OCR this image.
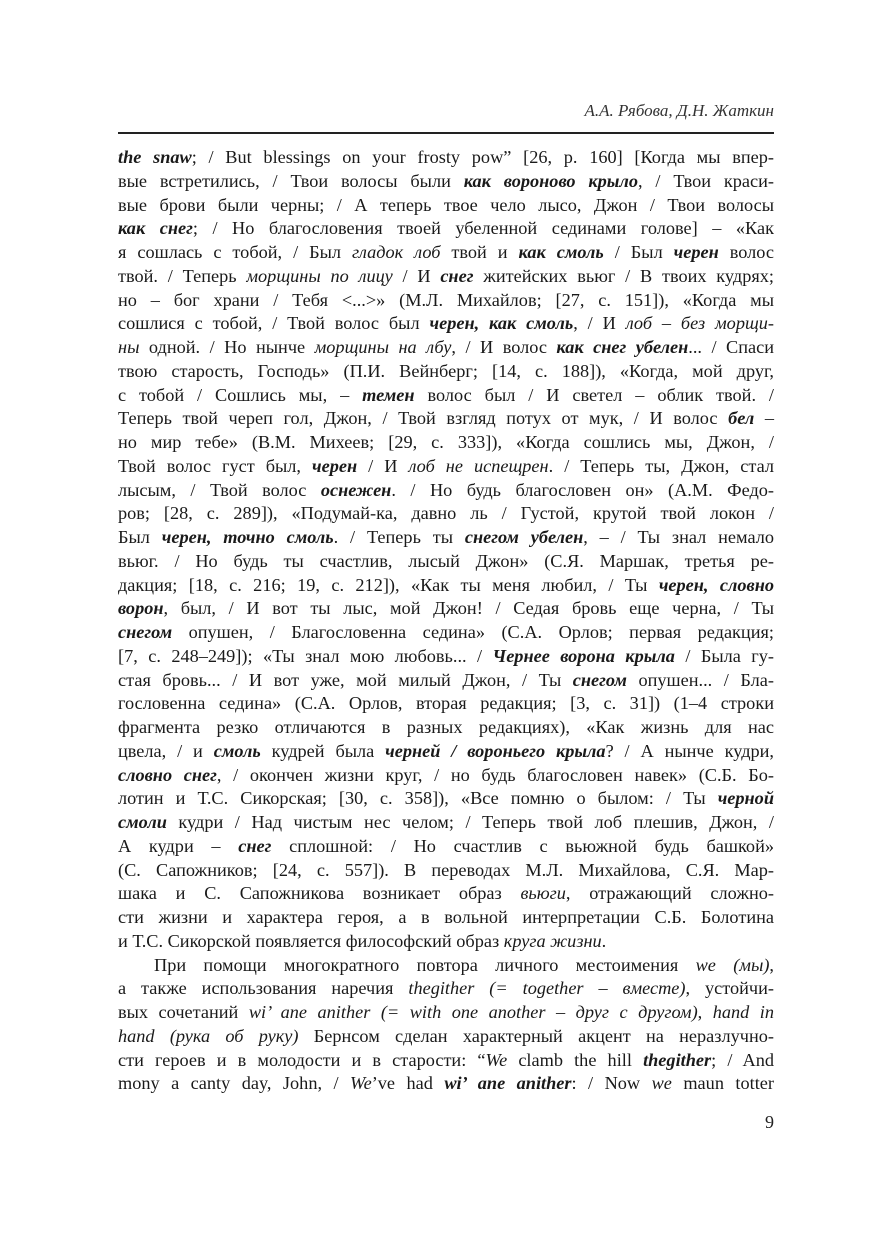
А.А. Рябова, Д.Н. Жаткин
the snaw; / But blessings on your frosty pow” [26, p. 160] [Когда мы впер-
вые встретились, / Твои волосы были как вороново крыло, / Твои краси-
вые брови были черны; / А теперь твое чело лысо, Джон / Твои волосы
как снег; / Но благословения твоей убеленной сединами голове] – «Как
я сошлась с тобой, / Был гладок лоб твой и как смоль / Был черен волос
твой. / Теперь морщины по лицу / И снег житейских вьюг / В твоих кудрях;
но – бог храни / Тебя <...>» (М.Л. Михайлов; [27, с. 151]), «Когда мы
сошлися с тобой, / Твой волос был черен, как смоль, / И лоб – без морщи-
ны одной. / Но нынче морщины на лбу, / И волос как снег убелен... / Спаси
твою старость, Господь» (П.И. Вейнберг; [14, с. 188]), «Когда, мой друг,
с тобой / Сошлись мы, – темен волос был / И светел – облик твой. /
Теперь твой череп гол, Джон, / Твой взгляд потух от мук, / И волос бел –
но мир тебе» (В.М. Михеев; [29, с. 333]), «Когда сошлись мы, Джон, /
Твой волос густ был, черен / И лоб не испещрен. / Теперь ты, Джон, стал
лысым, / Твой волос оснежен. / Но будь благословен он» (А.М. Федо-
ров; [28, с. 289]), «Подумай-ка, давно ль / Густой, крутой твой локон /
Был черен, точно смоль. / Теперь ты снегом убелен, – / Ты знал немало
вьюг. / Но будь ты счастлив, лысый Джон» (С.Я. Маршак, третья ре-
дакция; [18, с. 216; 19, с. 212]), «Как ты меня любил, / Ты черен, словно
ворон, был, / И вот ты лыс, мой Джон! / Седая бровь еще черна, / Ты
снегом опушен, / Благословенна седина» (С.А. Орлов; первая редакция;
[7, с. 248–249]); «Ты знал мою любовь... / Чернее ворона крыла / Была гу-
стая бровь... / И вот уже, мой милый Джон, / Ты снегом опушен... / Бла-
гословенна седина» (С.А. Орлов, вторая редакция; [3, с. 31]) (1–4 строки
фрагмента резко отличаются в разных редакциях), «Как жизнь для нас
цвела, / и смоль кудрей была черней / вороньего крыла? / А нынче кудри,
словно снег, / окончен жизни круг, / но будь благословен навек» (С.Б. Бо-
лотин и Т.С. Сикорская; [30, с. 358]), «Все помню о былом: / Ты черной
смоли кудри / Над чистым нес челом; / Теперь твой лоб плешив, Джон, /
А кудри – снег сплошной: / Но счастлив с вьюжной будь башкой»
(С. Сапожников; [24, с. 557]). В переводах М.Л. Михайлова, С.Я. Мар-
шака и С. Сапожникова возникает образ вьюги, отражающий сложно-
сти жизни и характера героя, а в вольной интерпретации С.Б. Болотина
и Т.С. Сикорской появляется философский образ круга жизни.
При помощи многократного повтора личного местоимения we (мы),
а также использования наречия thegither (= together – вместе), устойчи-
вых сочетаний wi’ ane anither (= with one another – друг с другом), hand in
hand (рука об руку) Бернсом сделан характерный акцент на неразлучно-
сти героев и в молодости и в старости: “We clamb the hill thegither; / And
mony a canty day, John, / We’ve had wi’ ane anither: / Now we maun totter
9
